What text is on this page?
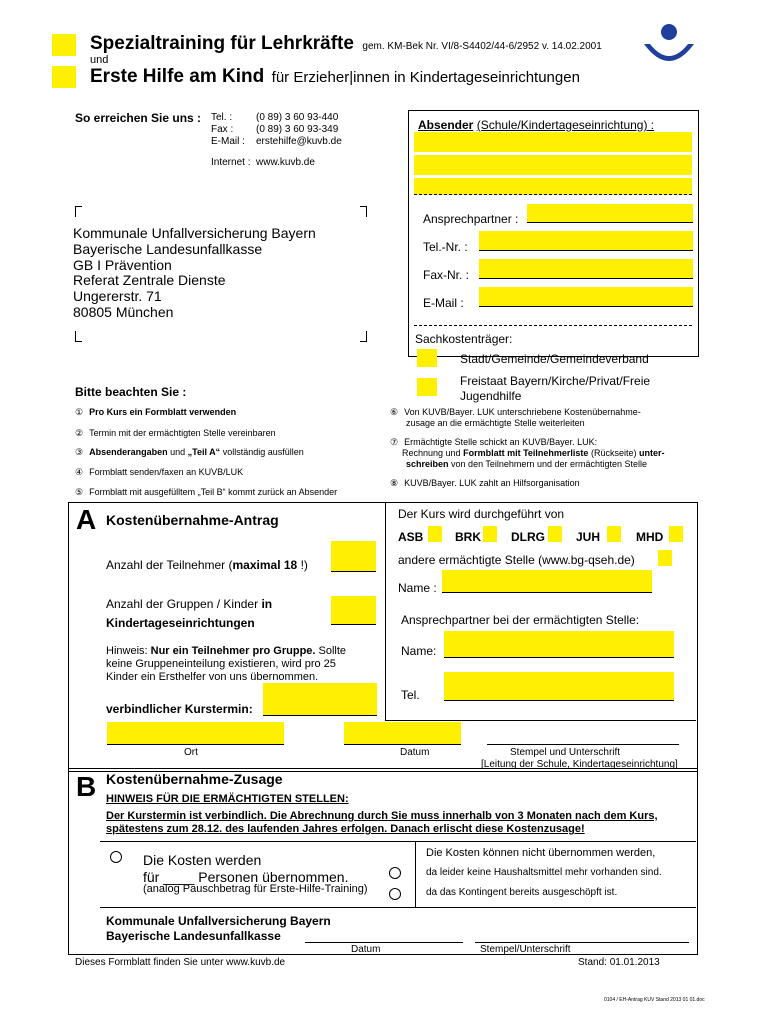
Spezialtraining für Lehrkräfte gem. KM-Bek Nr. VI/8-S4402/44-6/2952 v. 14.02.2001
und
Erste Hilfe am Kind für Erzieher|innen in Kindertageseinrichtungen
So erreichen Sie uns : Tel. : (0 89) 3 60 93-440
Fax : (0 89) 3 60 93-349
E-Mail : erstehilfe@kuvb.de
Internet : www.kuvb.de
Kommunale Unfallversicherung Bayern
Bayerische Landesunfallkasse
GB I Prävention
Referat Zentrale Dienste
Ungererstr. 71
80805 München
Absender (Schule/Kindertageseinrichtung) :
Ansprechpartner :
Tel.-Nr. :
Fax-Nr. :
E-Mail :
Sachkostenträger:
Stadt/Gemeinde/Gemeindeverband
Freistaat Bayern/Kirche/Privat/Freie Jugendhilfe
Bitte beachten Sie :
① Pro Kurs ein Formblatt verwenden
② Termin mit der ermächtigten Stelle vereinbaren
③ Absenderangaben und „Teil A“ vollständig ausfüllen
④ Formblatt senden/faxen an KUVB/LUK
⑤ Formblatt mit ausgefülltem „Teil B“ kommt zurück an Absender
⑥ Von KUVB/Bayer. LUK unterschriebene Kostenübernahme-
zusage an die ermächtigte Stelle weiterleiten
⑦ Ermächtigte Stelle schickt an KUVB/Bayer. LUK:
Rechnung und Formblatt mit Teilnehmerliste (Rückseite) unter-
schreiben von den Teilnehmern und der ermächtigten Stelle
⑧ KUVB/Bayer. LUK zahlt an Hilfsorganisation
A Kostenübernahme-Antrag
Anzahl der Teilnehmer (maximal 18 !)
Anzahl der Gruppen / Kinder in
Kindertageseinrichtungen
Hinweis: Nur ein Teilnehmer pro Gruppe. Sollte
keine Gruppeneinteilung existieren, wird pro 25
Kinder ein Ersthelfer von uns übernommen.
verbindlicher Kurstermin:
Der Kurs wird durchgeführt von
ASB	BRK	DLRG	JUH	MHD
andere ermächtigte Stelle (www.bg-qseh.de)
Name :
Ansprechpartner bei der ermächtigten Stelle:
Name:
Tel.
Ort	Datum	Stempel und Unterschrift
[Leitung der Schule, Kindertageseinrichtung]
B Kostenübernahme-Zusage
HINWEIS FÜR DIE ERMÄCHTIGTEN STELLEN:
Der Kurstermin ist verbindlich. Die Abrechnung durch Sie muss innerhalb von 3 Monaten nach dem Kurs,
spätestens zum 28.12. des laufenden Jahres erfolgen. Danach erlischt diese Kostenzusage!
Die Kosten werden
für ____ Personen übernommen.
(analog Pauschbetrag für Erste-Hilfe-Training)
Die Kosten können nicht übernommen werden,
da leider keine Haushaltsmittel mehr vorhanden sind.
da das Kontingent bereits ausgeschöpft ist.
Kommunale Unfallversicherung Bayern
Bayerische Landesunfallkasse
Datum	Stempel/Unterschrift
Dieses Formblatt finden Sie unter www.kuvb.de	Stand: 01.01.2013
0104 / EH-Antrag KUV Stand 2013 01 01.doc
